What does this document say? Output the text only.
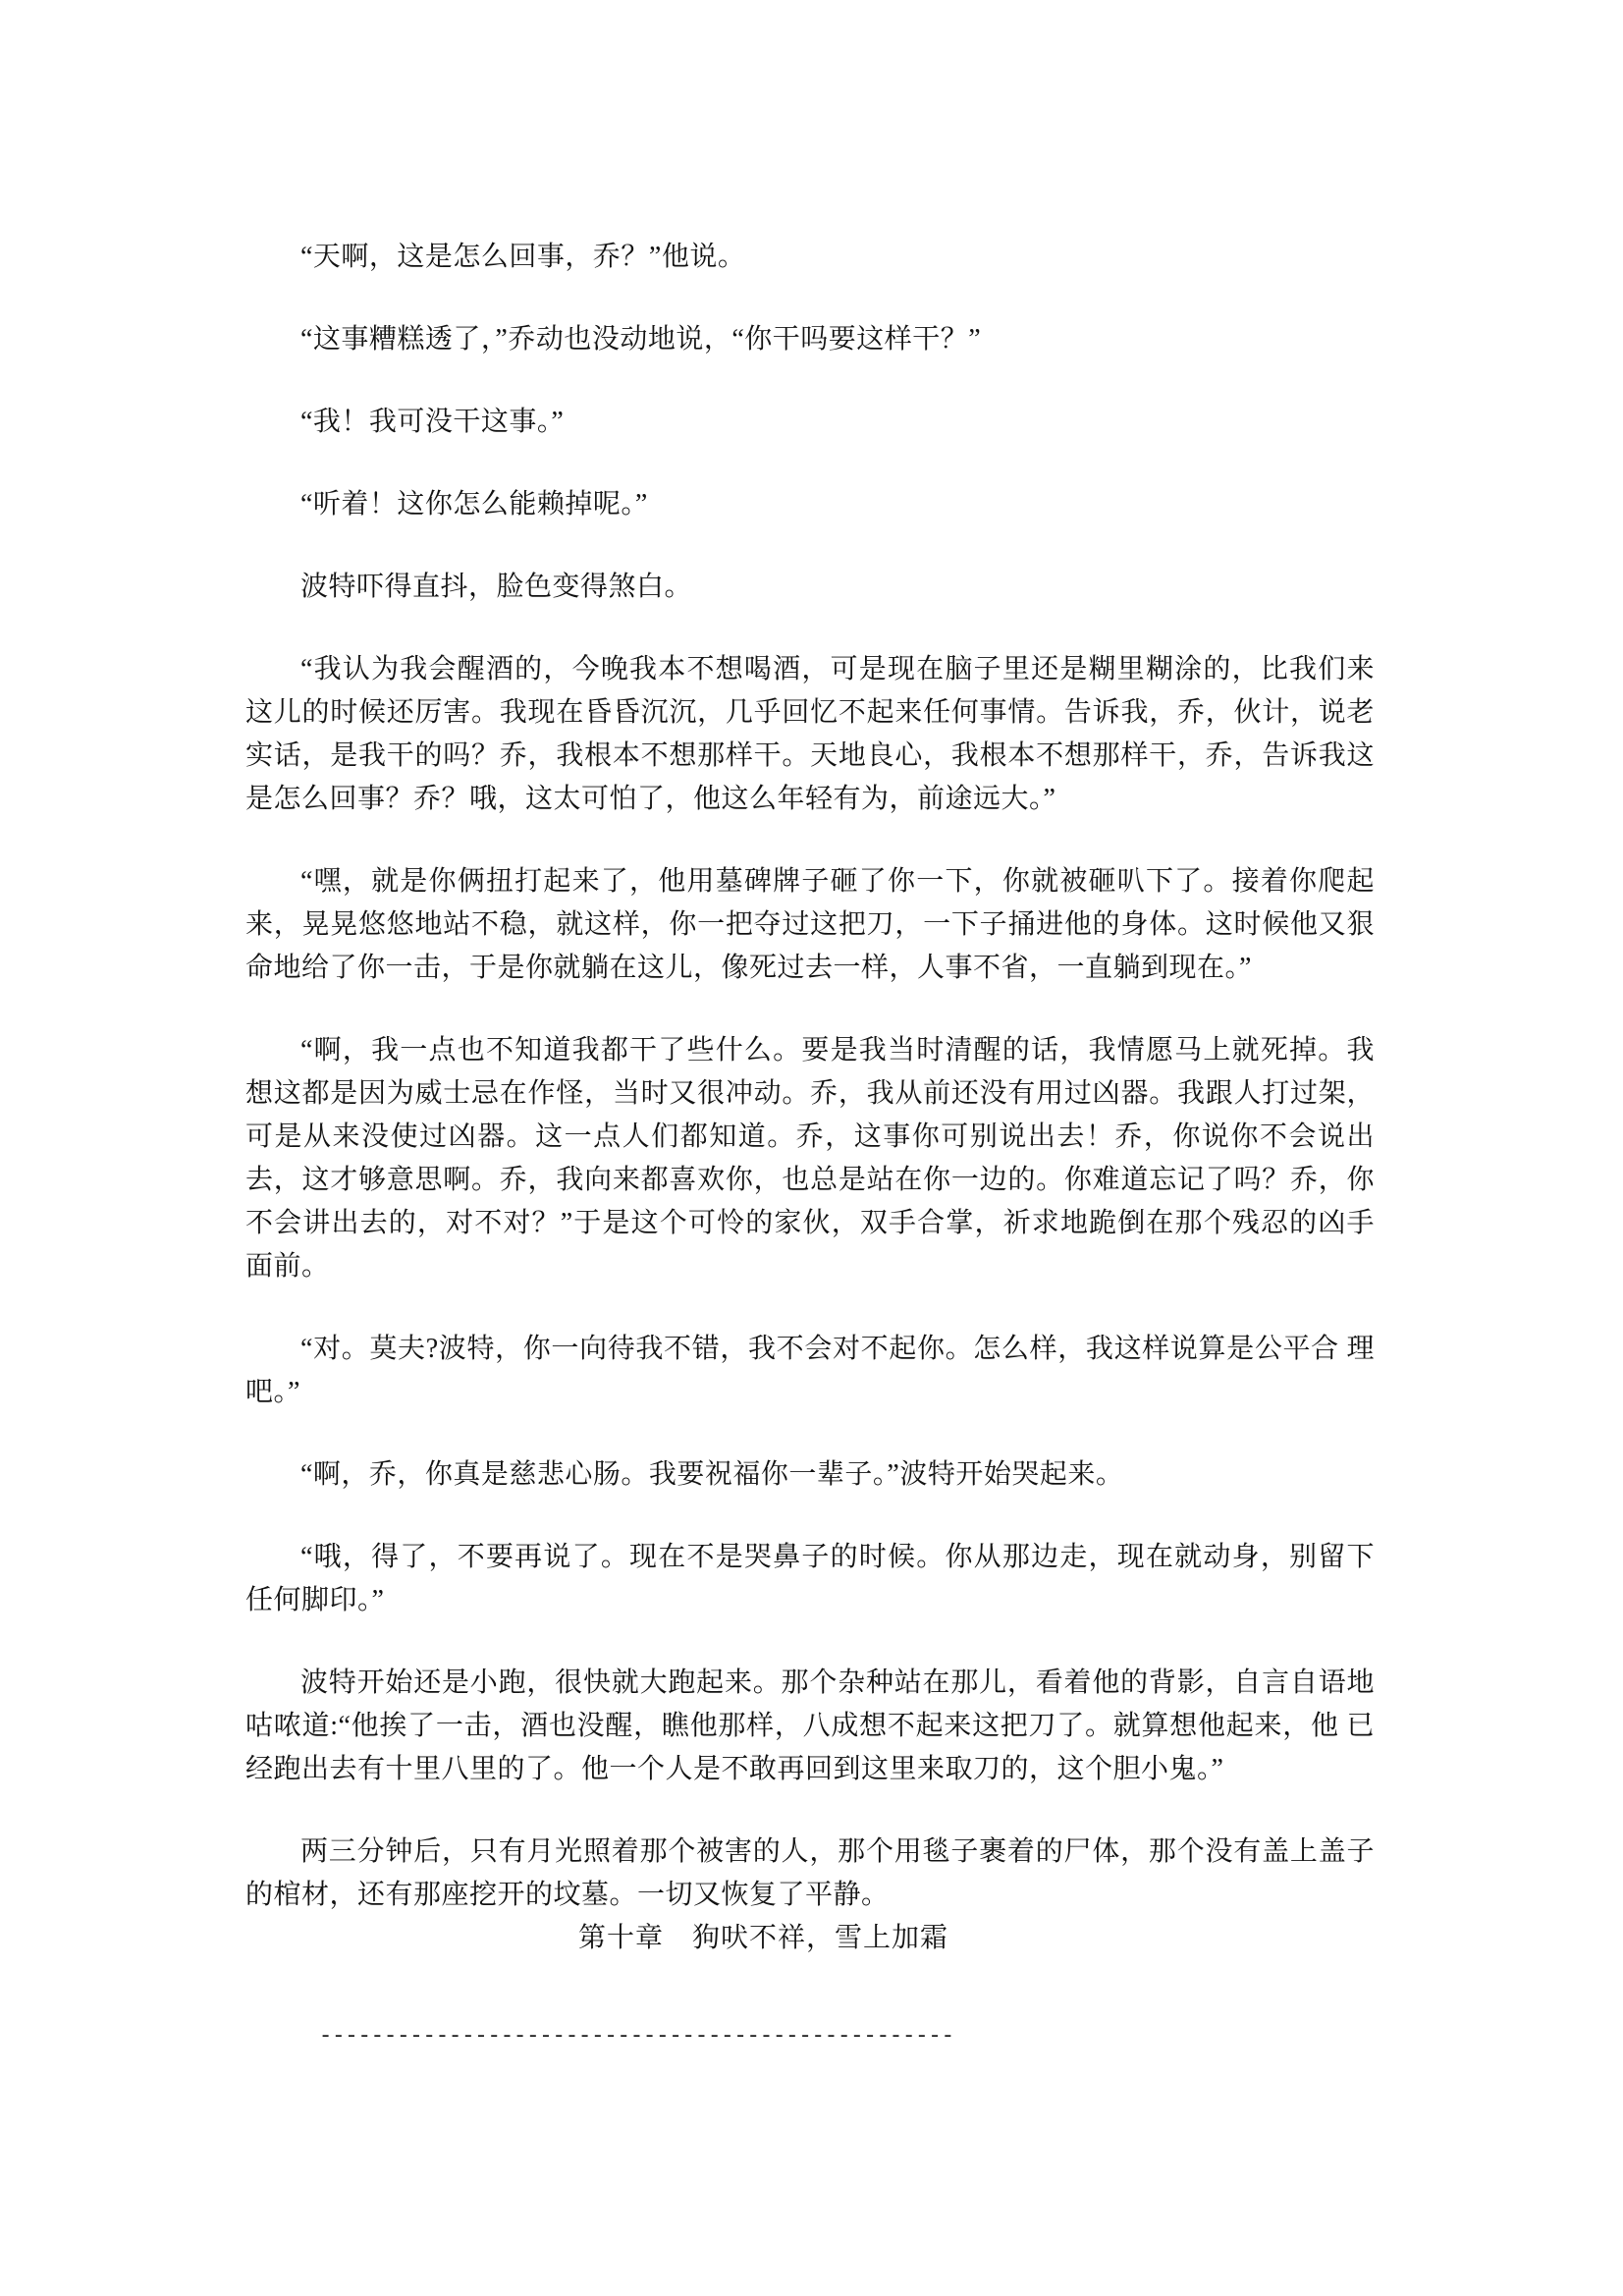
“天啊，这是怎么回事，乔？”他说。

“这事糟糕透了，”乔动也没动地说，“你干吗要这样干？”

“我！我可没干这事。”

“听着！这你怎么能赖掉呢。”

波特吓得直抖，脸色变得煞白。

“我认为我会醒酒的，今晚我本不想喝酒，可是现在脑子里还是糊里糊涂的，比我们来这儿的时候还厉害。我现在昏昏沉沉，几乎回忆不起来任何事情。告诉我，乔，伙计，说老实话，是我干的吗？乔，我根本不想那样干。天地良心，我根本不想那样干，乔，告诉我这是怎么回事？乔？哦，这太可怕了，他这么年轻有为，前途远大。”

“嘿，就是你俩扭打起来了，他用墓碑牌子砸了你一下，你就被砸叭下了。接着你爬起来，晃晃悠悠地站不稳，就这样，你一把夺过这把刀，一下子捅进他的身体。这时候他又狠命地给了你一击，于是你就躺在这儿，像死过去一样，人事不省，一直躺到现在。”

“啊，我一点也不知道我都干了些什么。要是我当时清醒的话，我情愿马上就死掉。我想这都是因为威士忌在作怪，当时又很冲动。乔，我从前还没有用过凶器。我跟人打过架，可是从来没使过凶器。这一点人们都知道。乔，这事你可别说出去！乔，你说你不会说出 去，这才够意思啊。乔，我向来都喜欢你，也总是站在你一边的。你难道忘记了吗？乔，你 不会讲出去的，对不对？”于是这个可怜的家伙，双手合掌，祈求地跪倒在那个残忍的凶手 面前。

“对。莫夫?波特，你一向待我不错，我不会对不起你。怎么样，我这样说算是公平合 理吧。”

“啊，乔，你真是慈悲心肠。我要祝福你一辈子。”波特开始哭起来。

“哦，得了，不要再说了。现在不是哭鼻子的时候。你从那边走，现在就动身，别留下任何脚印。”

波特开始还是小跑，很快就大跑起来。那个杂种站在那儿，看着他的背影，自言自语地咕哝道:“他挨了一击，酒也没醒，瞧他那样，八成想不起来这把刀了。就算想他起来，他 已经跑出去有十里八里的了。他一个人是不敢再回到这里来取刀的，这个胆小鬼。”

两三分钟后，只有月光照着那个被害的人，那个用毯子裹着的尸体，那个没有盖上盖子的棺材，还有那座挖开的坟墓。一切又恢复了平静。

第十章　狗吠不祥，雪上加霜

-------------------------------------------------
